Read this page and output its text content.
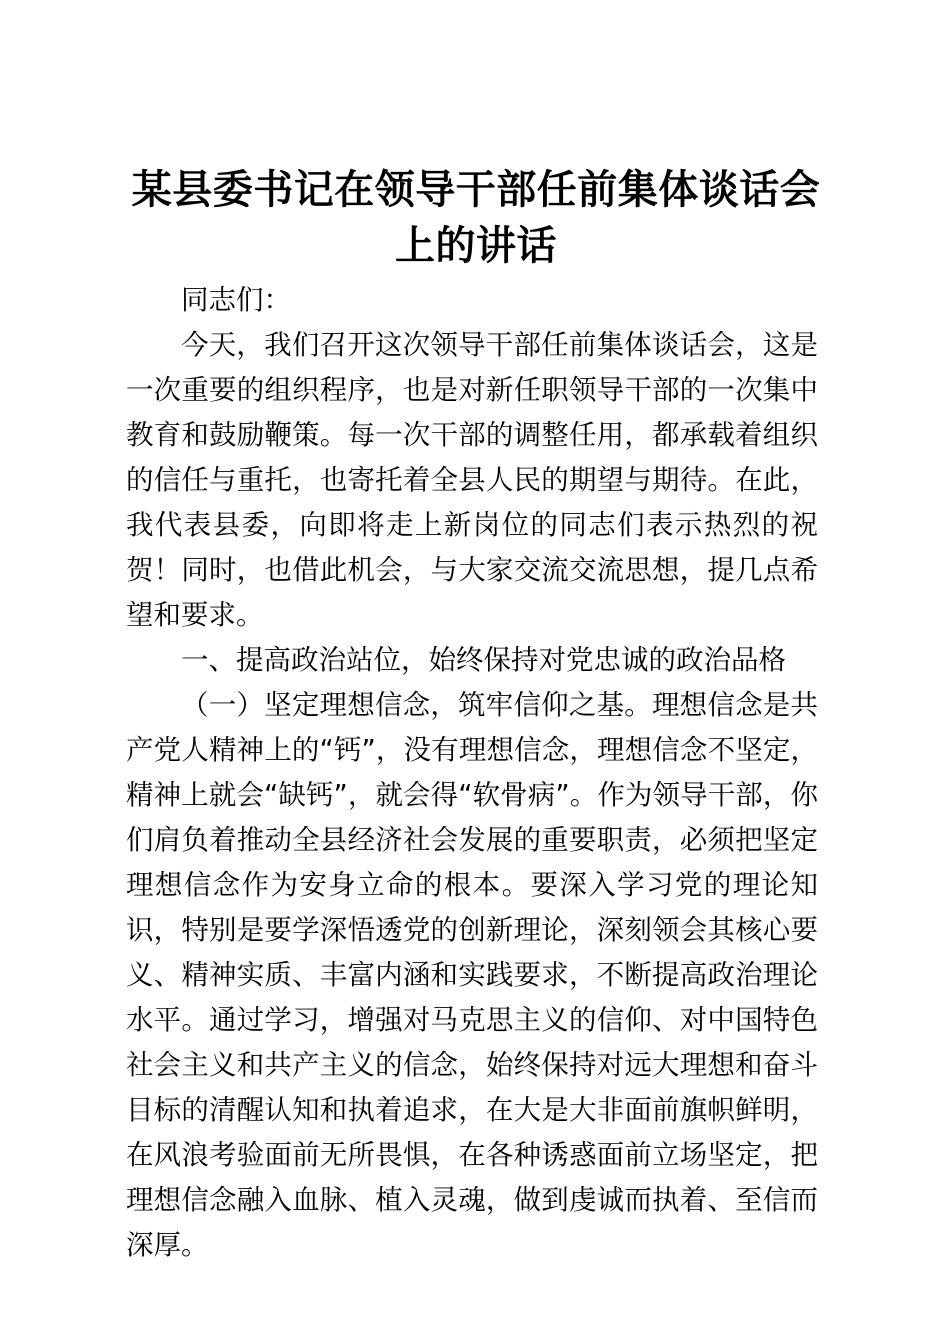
某县委书记在领导干部任前集体谈话会上的讲话

同志们：

今天，我们召开这次领导干部任前集体谈话会，这是一次重要的组织程序，也是对新任职领导干部的一次集中教育和鼓励鞭策。每一次干部的调整任用，都承载着组织的信任与重托，也寄托着全县人民的期望与期待。在此，我代表县委，向即将走上新岗位的同志们表示热烈的祝贺！同时，也借此机会，与大家交流交流思想，提几点希望和要求。

一、提高政治站位，始终保持对党忠诚的政治品格

（一）坚定理想信念，筑牢信仰之基。理想信念是共产党人精神上的“钙”，没有理想信念，理想信念不坚定，精神上就会“缺钙”，就会得“软骨病”。作为领导干部，你们肩负着推动全县经济社会发展的重要职责，必须把坚定理想信念作为安身立命的根本。要深入学习党的理论知识，特别是要学深悟透党的创新理论，深刻领会其核心要义、精神实质、丰富内涵和实践要求，不断提高政治理论水平。通过学习，增强对马克思主义的信仰、对中国特色社会主义和共产主义的信念，始终保持对远大理想和奋斗目标的清醒认知和执着追求，在大是大非面前旗帜鲜明，在风浪考验面前无所畏惧，在各种诱惑面前立场坚定，把理想信念融入血脉、植入灵魂，做到虔诚而执着、至信而深厚。
